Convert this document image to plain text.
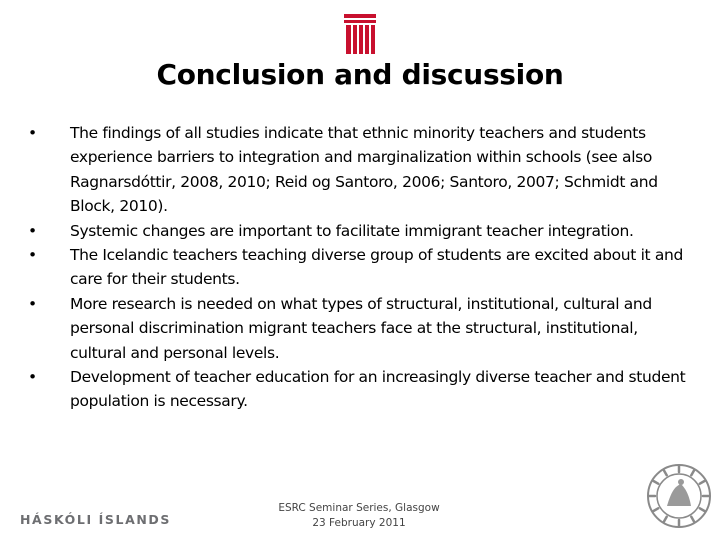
Conclusion and discussion
•	The findings of all studies indicate that ethnic minority teachers and students experience barriers to integration and marginalization within schools (see also Ragnarsdóttir, 2008, 2010; Reid og Santoro, 2006; Santoro, 2007; Schmidt and Block, 2010).
•	Systemic changes are important to facilitate immigrant teacher integration.
•	The Icelandic teachers teaching diverse group of students are excited about it and care for their students.
•	More research is needed on what types of structural, institutional, cultural and personal discrimination migrant teachers face at the structural, institutional, cultural and personal levels.
•	Development of teacher education for an increasingly diverse teacher and student population is necessary.
HÁSKÓLI ÍSLANDS
ESRC Seminar Series, Glasgow
23 February 2011
